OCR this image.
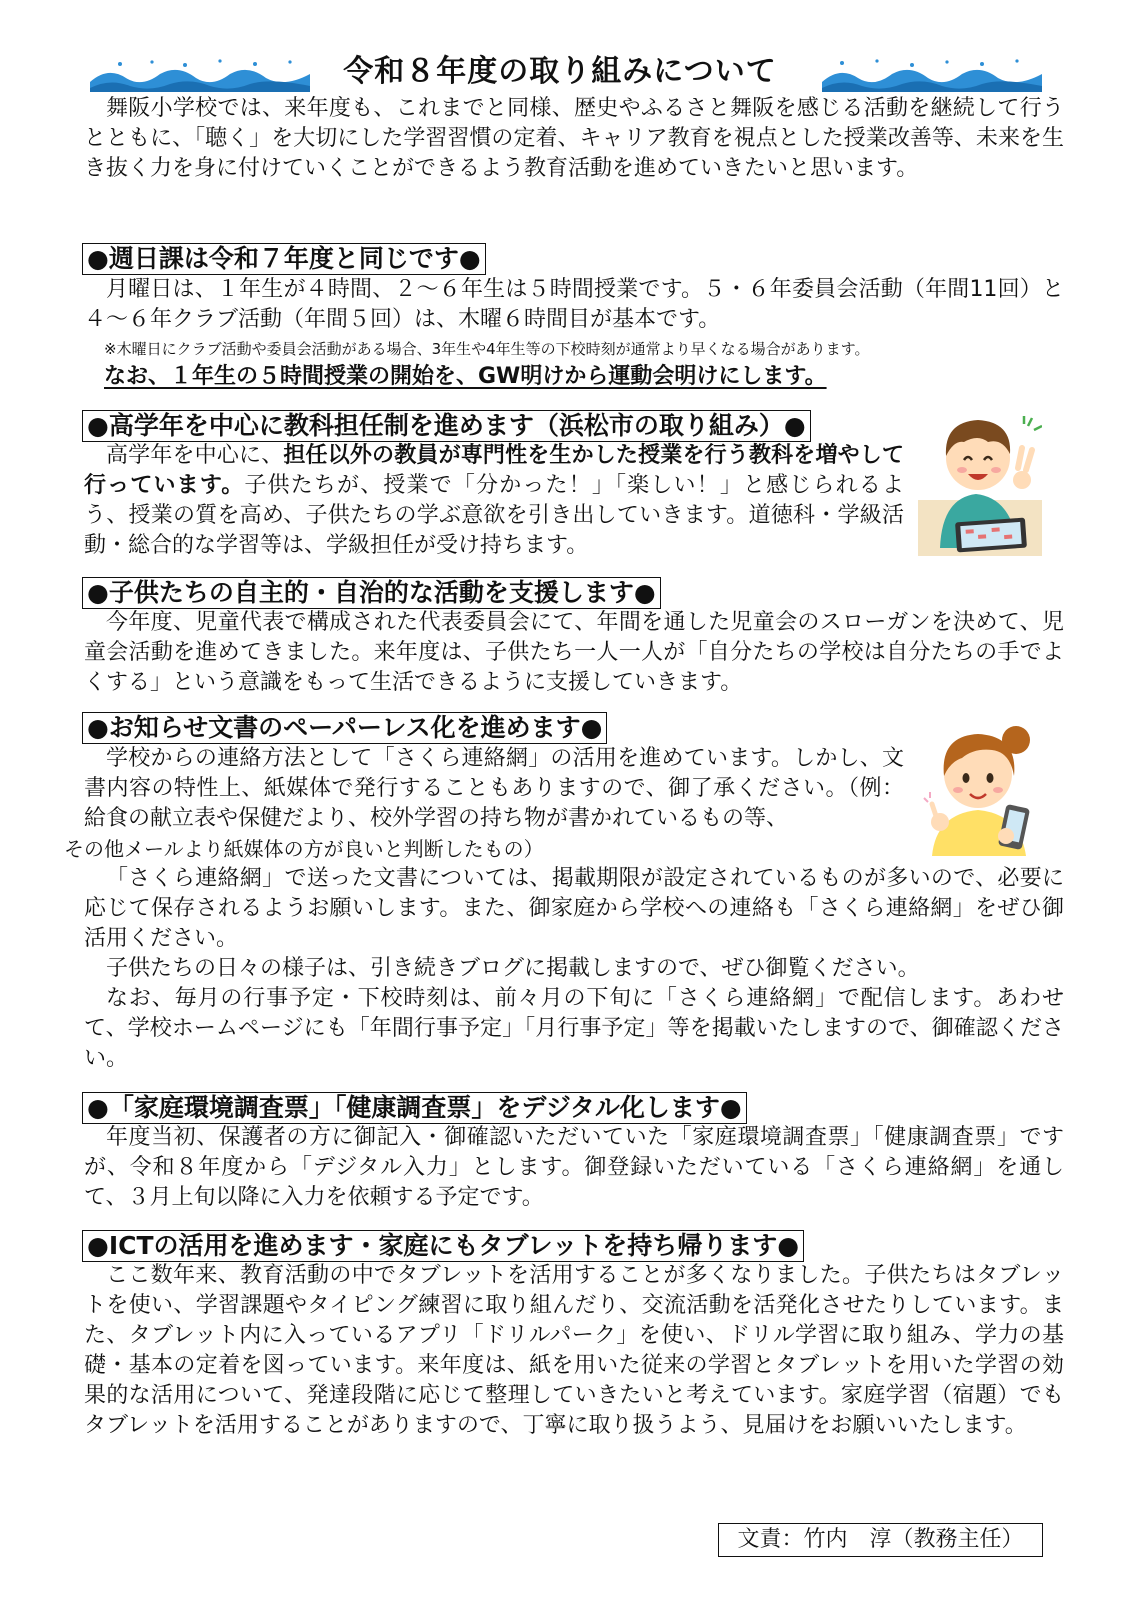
令和８年度の取り組みについて

舞阪小学校では、来年度も、これまでと同様、歴史やふるさと舞阪を感じる活動を継続して行うとともに、「聴く」を大切にした学習習慣の定着、キャリア教育を視点とした授業改善等、未来を生き抜く力を身に付けていくことができるよう教育活動を進めていきたいと思います。

●週日課は令和７年度と同じです●

月曜日は、１年生が４時間、２～６年生は５時間授業です。５・６年委員会活動（年間11回）と４～６年クラブ活動（年間５回）は、木曜６時間目が基本です。

※木曜日にクラブ活動や委員会活動がある場合、3年生や4年生等の下校時刻が通常より早くなる場合があります。
なお、１年生の５時間授業の開始を、GW明けから運動会明けにします。
●高学年を中心に教科担任制を進めます（浜松市の取り組み）●

高学年を中心に、担任以外の教員が専門性を生かした授業を行う教科を増やして行っています。子供たちが、授業で「分かった！」「楽しい！」と感じられるよう、授業の質を高め、子供たちの学ぶ意欲を引き出していきます。道徳科・学級活動・総合的な学習等は、学級担任が受け持ちます。

●子供たちの自主的・自治的な活動を支援します●

今年度、児童代表で構成された代表委員会にて、年間を通した児童会のスローガンを決めて、児童会活動を進めてきました。来年度は、子供たち一人一人が「自分たちの学校は自分たちの手でよくする」という意識をもって生活できるように支援していきます。

●お知らせ文書のペーパーレス化を進めます●

学校からの連絡方法として「さくら連絡網」の活用を進めています。しかし、文書内容の特性上、紙媒体で発行することもありますので、御了承ください。（例：給食の献立表や保健だより、校外学習の持ち物が書かれているもの等、
その他メールより紙媒体の方が良いと判断したもの）

「さくら連絡網」で送った文書については、掲載期限が設定されているものが多いので、必要に応じて保存されるようお願いします。また、御家庭から学校への連絡も「さくら連絡網」をぜひ御活用ください。

子供たちの日々の様子は、引き続きブログに掲載しますので、ぜひ御覧ください。

なお、毎月の行事予定・下校時刻は、前々月の下旬に「さくら連絡網」で配信します。あわせて、学校ホームページにも「年間行事予定」「月行事予定」等を掲載いたしますので、御確認ください。

●「家庭環境調査票」「健康調査票」をデジタル化します●

年度当初、保護者の方に御記入・御確認いただいていた「家庭環境調査票」「健康調査票」ですが、令和８年度から「デジタル入力」とします。御登録いただいている「さくら連絡網」を通して、３月上旬以降に入力を依頼する予定です。

●ICTの活用を進めます・家庭にもタブレットを持ち帰ります●

ここ数年来、教育活動の中でタブレットを活用することが多くなりました。子供たちはタブレットを使い、学習課題やタイピング練習に取り組んだり、交流活動を活発化させたりしています。また、タブレット内に入っているアプリ「ドリルパーク」を使い、ドリル学習に取り組み、学力の基礎・基本の定着を図っています。来年度は、紙を用いた従来の学習とタブレットを用いた学習の効果的な活用について、発達段階に応じて整理していきたいと考えています。家庭学習（宿題）でもタブレットを活用することがありますので、丁寧に取り扱うよう、見届けをお願いいたします。

文責：竹内　淳（教務主任）
